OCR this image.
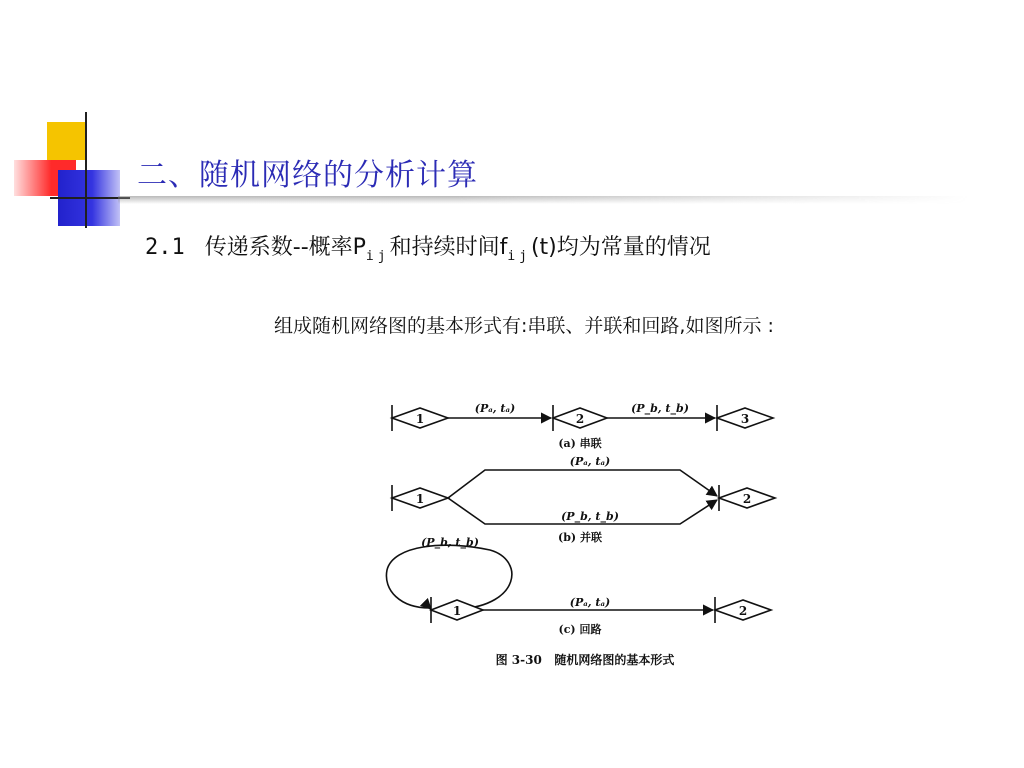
二、随机网络的分析计算
2.1 传递系数--概率$P_{ij}$和持续时间$f_{ij}(t)$均为常量的情况
组成随机网络图的基本形式有:串联、并联和回路,如图所示 :
1	2	3
(Pₐ, tₐ)	(P_b, t_b)
(a) 串联
1	2
(Pₐ, tₐ)
(P_b, t_b)
(b) 并联
1	2
(P_b, t_b)
(Pₐ, tₐ)
(c) 回路
图 3-30   随机网络图的基本形式
